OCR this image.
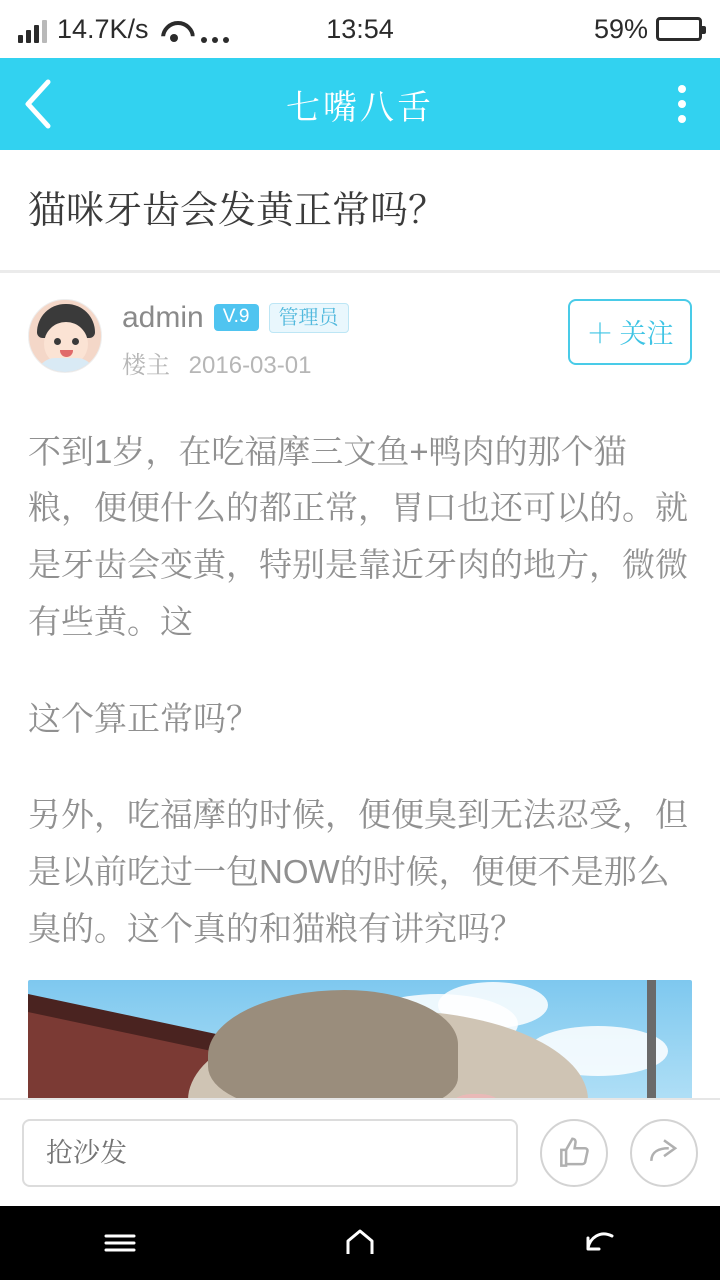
14.7K/s	13:54	59%
七嘴八舌
猫咪牙齿会发黄正常吗？
admin	V.9	管理员
楼主 2016-03-01
＋ 关注

不到1岁，在吃福摩三文鱼+鸭肉的那个猫粮，便便什么的都正常，胃口也还可以的。就是牙齿会变黄，特别是靠近牙肉的地方，微微有些黄。这

这个算正常吗？

另外，吃福摩的时候，便便臭到无法忍受，但是以前吃过一包NOW的时候，便便不是那么臭的。这个真的和猫粮有讲究吗？

抢沙发
